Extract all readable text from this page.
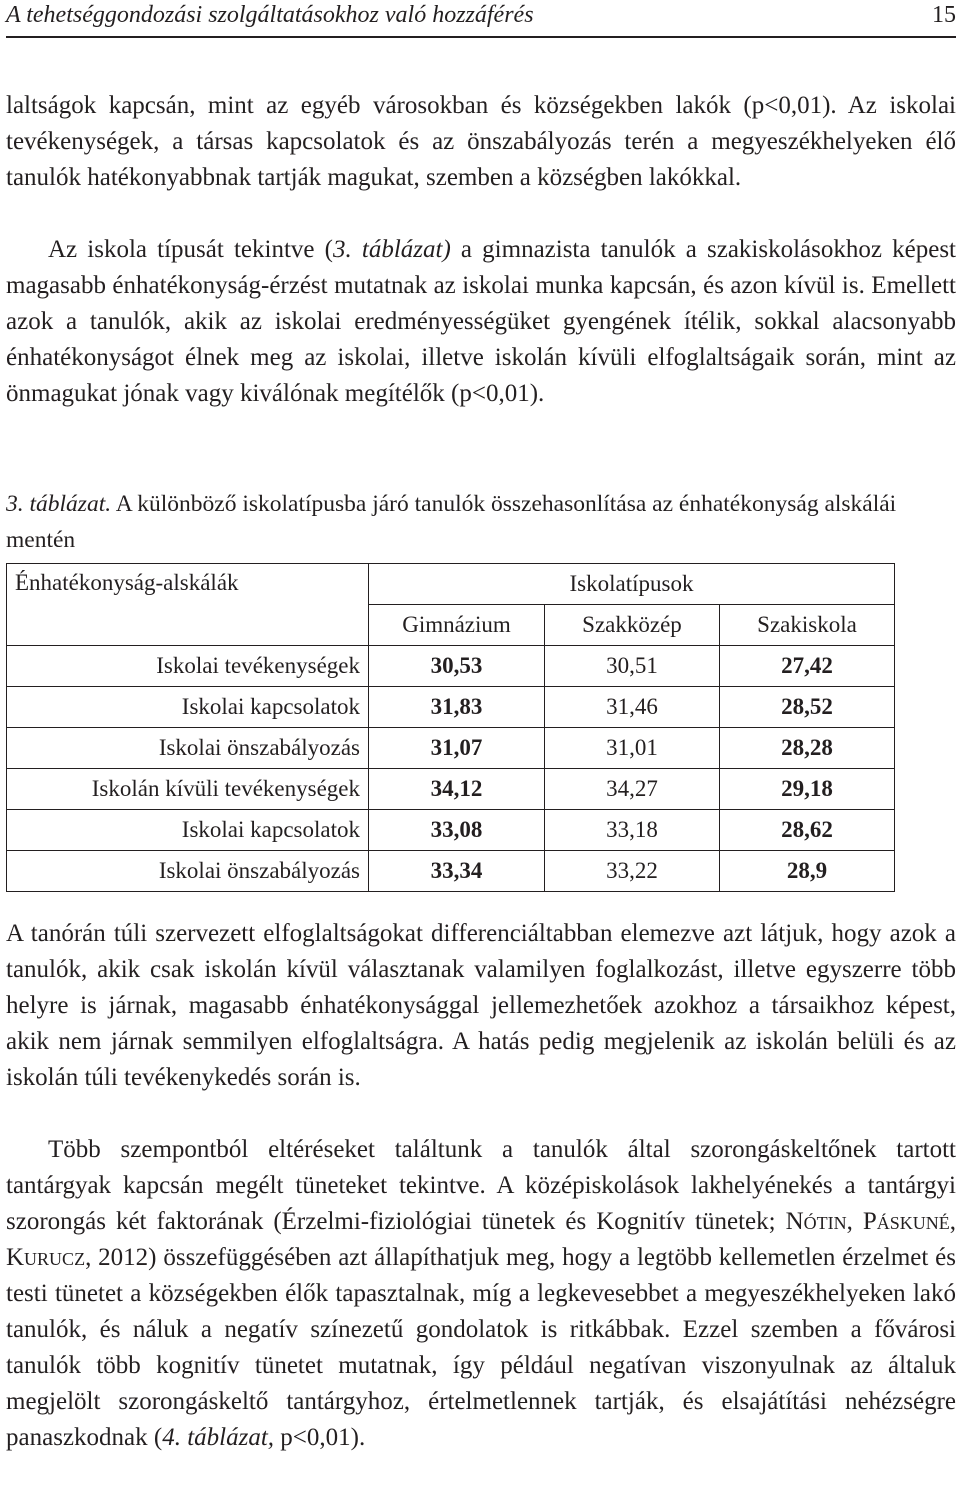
A tehetséggondozási szolgáltatásokhoz való hozzáférés	15

laltságok kapcsán, mint az egyéb városokban és községekben lakók (p<0,01). Az iskolai tevékenységek, a társas kapcsolatok és az önszabályozás terén a megyeszékhelyeken élő tanulók hatékonyabbnak tartják magukat, szemben a községben lakókkal.

Az iskola típusát tekintve (3. táblázat) a gimnazista tanulók a szakiskolásokhoz képest magasabb énhatékonyság-érzést mutatnak az iskolai munka kapcsán, és azon kívül is. Emellett azok a tanulók, akik az iskolai eredményességüket gyengének ítélik, sokkal alacsonyabb énhatékonyságot élnek meg az iskolai, illetve iskolán kívüli elfoglaltságaik során, mint az önmagukat jónak vagy kiválónak megítélők (p<0,01).

3. táblázat. A különböző iskolatípusba járó tanulók összehasonlítása az énhatékonyság alskálái mentén

Énhatékonyság-alskálák	Iskolatípusok		
	Gimnázium	Szakközép	Szakiskola
Iskolai tevékenységek	30,53	30,51	27,42
Iskolai kapcsolatok	31,83	31,46	28,52
Iskolai önszabályozás	31,07	31,01	28,28
Iskolán kívüli tevékenységek	34,12	34,27	29,18
Iskolai kapcsolatok	33,08	33,18	28,62
Iskolai önszabályozás	33,34	33,22	28,9

A tanórán túli szervezett elfoglaltságokat differenciáltabban elemezve azt látjuk, hogy azok a tanulók, akik csak iskolán kívül választanak valamilyen foglalkozást, illetve egyszerre több helyre is járnak, magasabb énhatékonysággal jellemezhetőek azokhoz a társaikhoz képest, akik nem járnak semmilyen elfoglaltságra. A hatás pedig megjelenik az iskolán belüli és az iskolán túli tevékenykedés során is.

Több szempontból eltéréseket találtunk a tanulók által szorongáskeltőnek tartott tantárgyak kapcsán megélt tüneteket tekintve. A középiskolások lakhelyénekés a tantárgyi szorongás két faktorának (Érzelmi-fiziológiai tünetek és Kognitív tünetek; Nótin, Páskuné, Kurucz, 2012) összefüggésében azt állapíthatjuk meg, hogy a legtöbb kellemetlen érzelmet és testi tünetet a községekben élők tapasztalnak, míg a legkevesebbet a megyeszékhelyeken lakó tanulók, és náluk a negatív színezetű gondolatok is ritkábbak. Ezzel szemben a fővárosi tanulók több kognitív tünetet mutatnak, így például negatívan viszonyulnak az általuk megjelölt szorongáskeltő tantárgyhoz, értelmetlennek tartják, és elsajátítási nehézségre panaszkodnak (4. táblázat, p<0,01).
